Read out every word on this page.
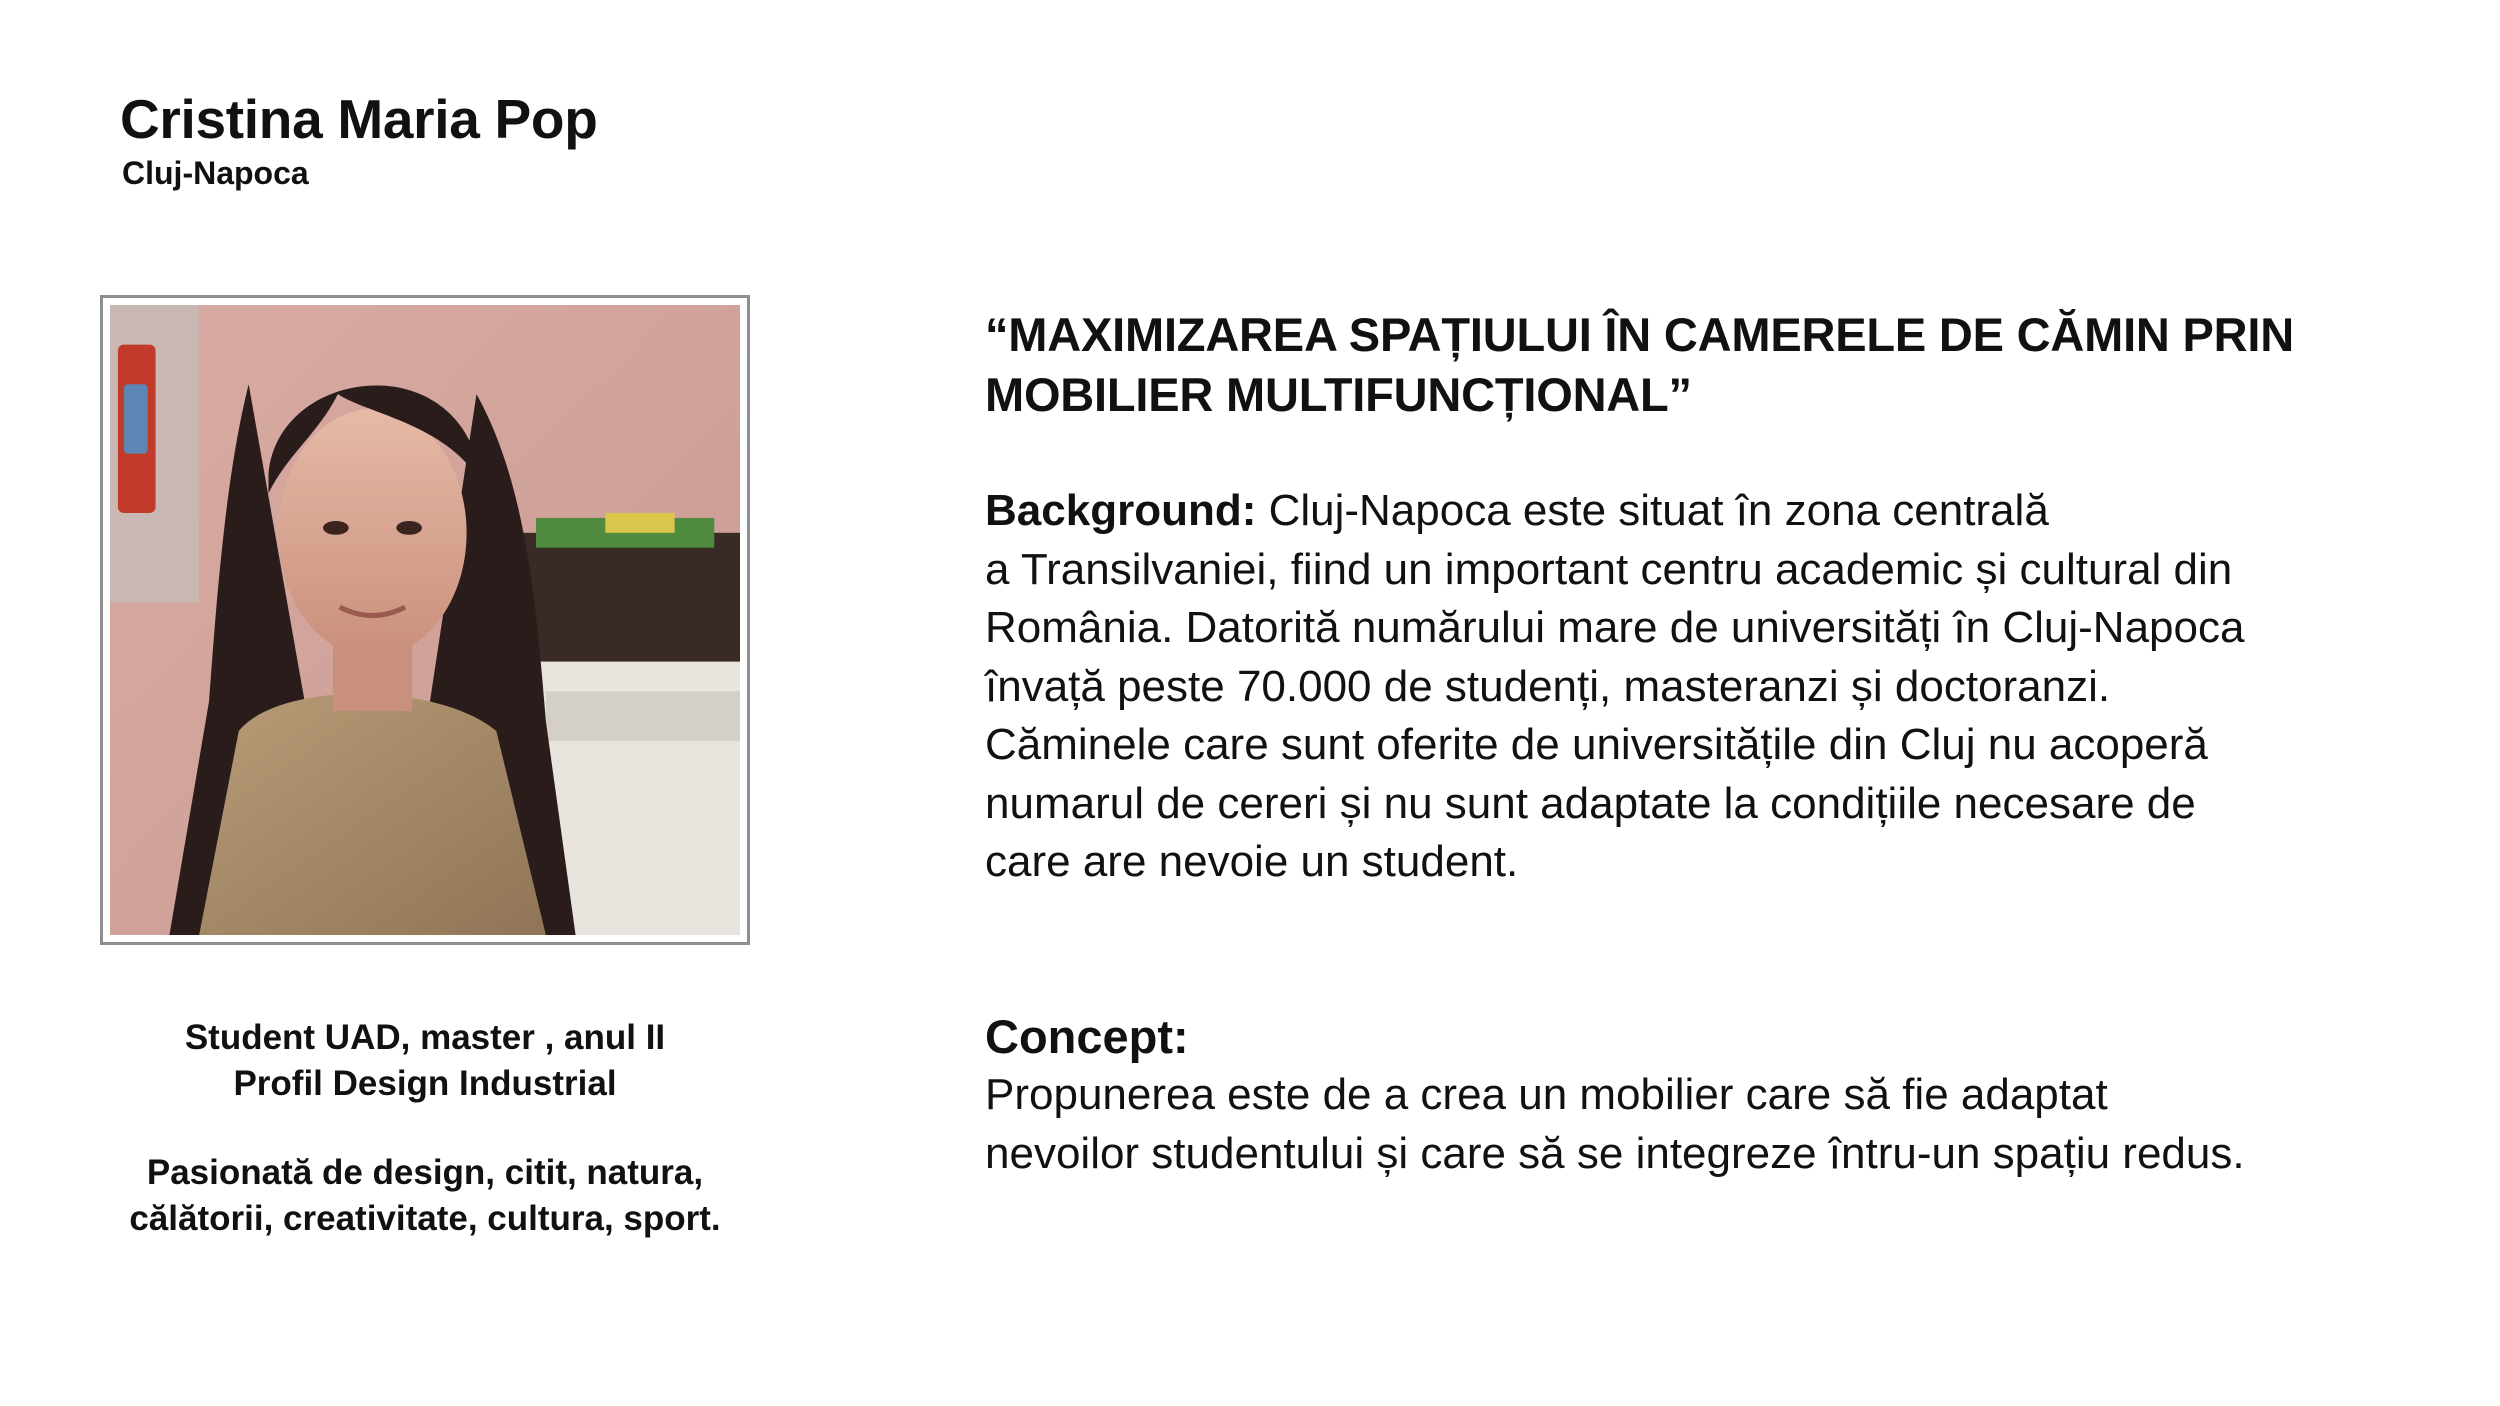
Cristina Maria Pop
Cluj-Napoca
Student UAD, master , anul II
Profil Design Industrial
Pasionată de design, citit, natura,
călătorii, creativitate, cultura, sport.
“MAXIMIZAREA SPAȚIULUI ÎN CAMERELE DE CĂMIN PRIN
MOBILIER MULTIFUNCȚIONAL”
Background: Cluj-Napoca este situat în zona centrală
a Transilvaniei, fiind un important centru academic și cultural din
România. Datorită numărului mare de universități în Cluj-Napoca
învață peste 70.000 de studenți, masteranzi și doctoranzi.
Căminele care sunt oferite de universitățile din Cluj nu acoperă
numarul de cereri și nu sunt adaptate la condițiile necesare de
care are nevoie un student.
Concept:
Propunerea este de a crea un mobilier care să fie adaptat
nevoilor studentului și care să se integreze întru-un spațiu redus.
